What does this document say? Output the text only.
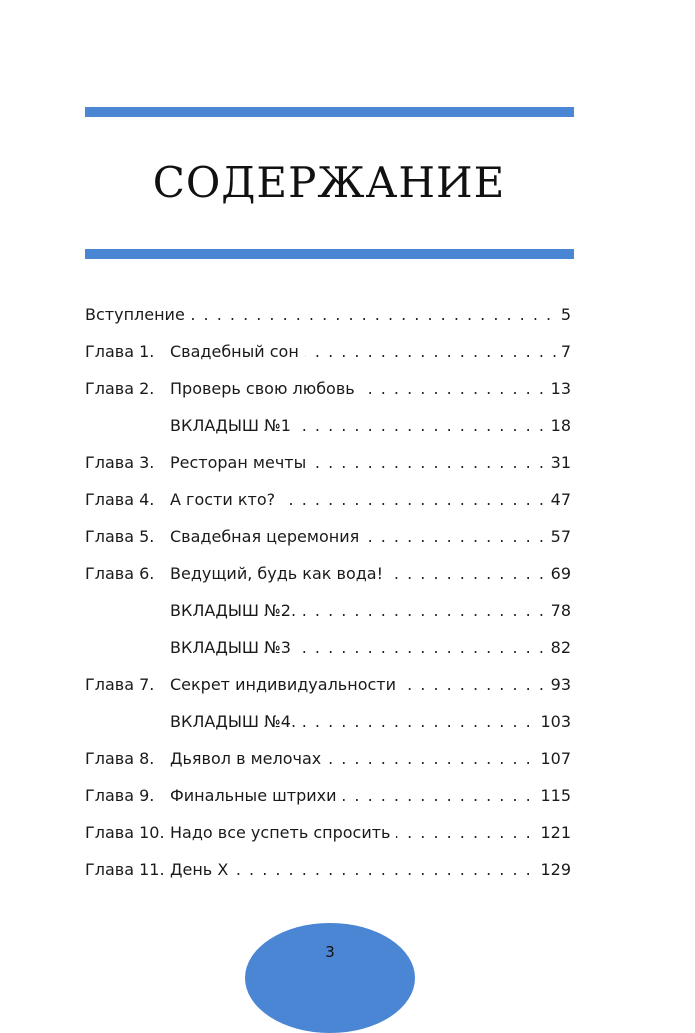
СОДЕРЖАНИЕ
. . .
Вступление	5
. . .
Глава 1. Свадебный сон	7
. . .
Глава 2. Проверь свою любовь	13
. . .
ВКЛАДЫШ №1	18
. . .
Глава 3. Ресторан мечты	31
. . .
Глава 4. А гости кто?	47
. . .
Глава 5. Свадебная церемония	57
. . .
Глава 6. Ведущий, будь как вода!	69
. . .
ВКЛАДЫШ №2.	78
. . .
ВКЛАДЫШ №3	82
. . .
Глава 7. Секрет индивидуальности	93
. . .
ВКЛАДЫШ №4.	103
. . .
Глава 8. Дьявол в мелочах	107
. . .
Глава 9. Финальные штрихи	115
. . .
Глава 10. Надо все успеть спросить	121
. . .
Глава 11. День Х	129
3
